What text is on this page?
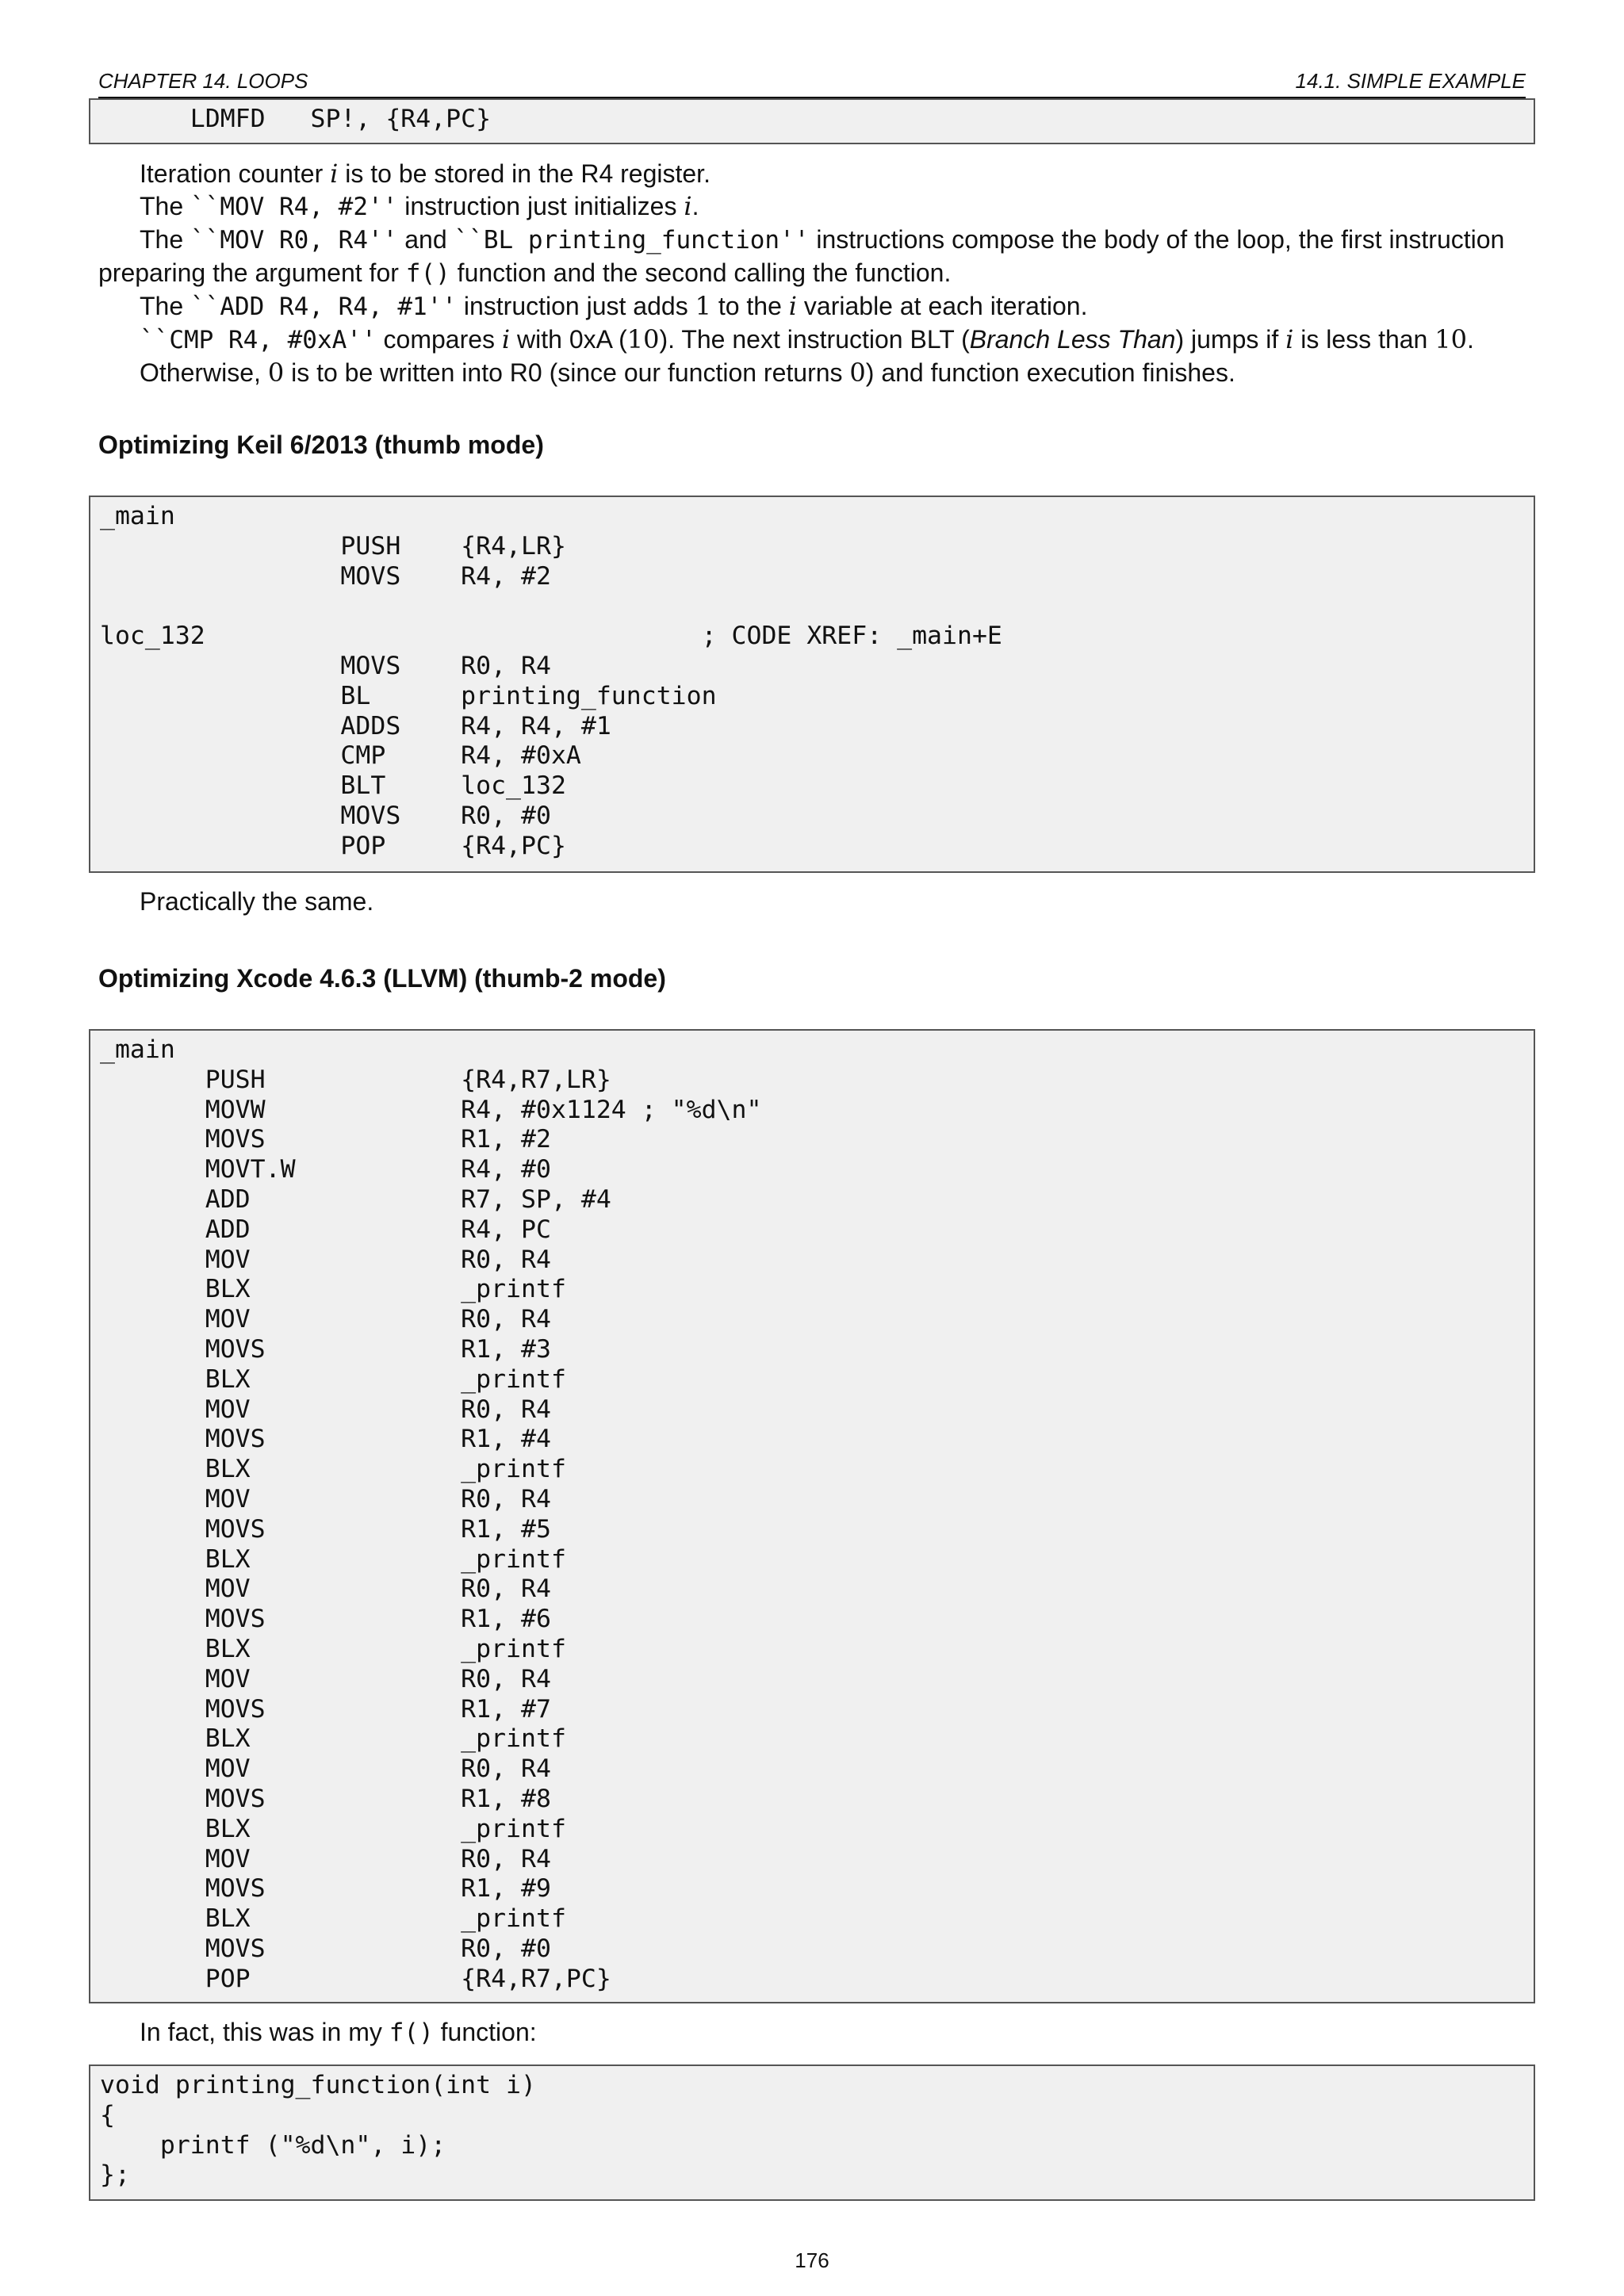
CHAPTER 14. LOOPS	14.1. SIMPLE EXAMPLE
LDMFD   SP!, {R4,PC}

Iteration counter i is to be stored in the R4 register.

The ``MOV R4, #2'' instruction just initializes i.

The ``MOV R0, R4'' and ``BL printing_function'' instructions compose the body of the loop, the first instruction preparing the argument for f() function and the second calling the function.

The ``ADD R4, R4, #1'' instruction just adds 1 to the i variable at each iteration.

``CMP R4, #0xA'' compares i with 0xA (10). The next instruction BLT (Branch Less Than) jumps if i is less than 10.

Otherwise, 0 is to be written into R0 (since our function returns 0) and function execution finishes.

Optimizing Keil 6/2013 (thumb mode)
_main
PUSH    {R4,LR}
MOVS    R4, #2

loc_132                                 ; CODE XREF: _main+E
MOVS    R0, R4
BL      printing_function
ADDS    R4, R4, #1
CMP     R4, #0xA
BLT     loc_132
MOVS    R0, #0
POP     {R4,PC}
Practically the same.
Optimizing Xcode 4.6.3 (LLVM) (thumb-2 mode)
_main
PUSH             {R4,R7,LR}
MOVW             R4, #0x1124 ; "%d\n"
MOVS             R1, #2
MOVT.W           R4, #0
ADD              R7, SP, #4
ADD              R4, PC
MOV              R0, R4
BLX              _printf
MOV              R0, R4
MOVS             R1, #3
BLX              _printf
MOV              R0, R4
MOVS             R1, #4
BLX              _printf
MOV              R0, R4
MOVS             R1, #5
BLX              _printf
MOV              R0, R4
MOVS             R1, #6
BLX              _printf
MOV              R0, R4
MOVS             R1, #7
BLX              _printf
MOV              R0, R4
MOVS             R1, #8
BLX              _printf
MOV              R0, R4
MOVS             R1, #9
BLX              _printf
MOVS             R0, #0
POP              {R4,R7,PC}
In fact, this was in my f() function:
void printing_function(int i)
{
printf ("%d\n", i);
};
176
